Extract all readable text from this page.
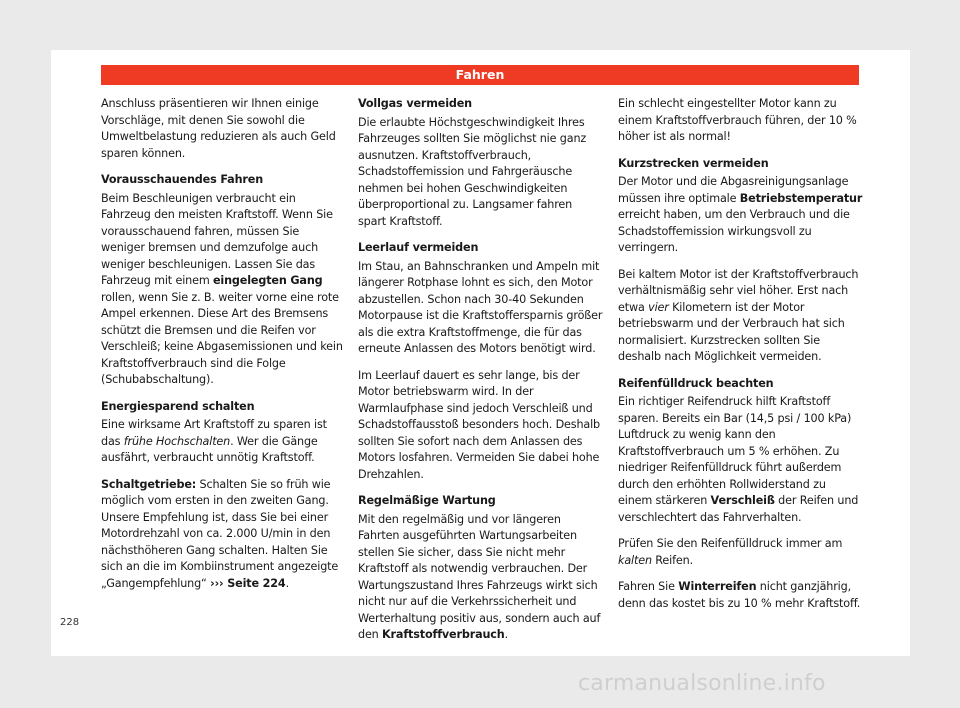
Fahren

Anschluss präsentieren wir Ihnen einige Vorschläge, mit denen Sie sowohl die Umweltbelastung reduzieren als auch Geld sparen können.

Vorausschauendes Fahren

Beim Beschleunigen verbraucht ein Fahrzeug den meisten Kraftstoff. Wenn Sie vorausschauend fahren, müssen Sie weniger bremsen und demzufolge auch weniger beschleunigen. Lassen Sie das Fahrzeug mit einem eingelegten Gang rollen, wenn Sie z. B. weiter vorne eine rote Ampel erkennen. Diese Art des Bremsens schützt die Bremsen und die Reifen vor Verschleiß; keine Abgasemissionen und kein Kraftstoffverbrauch sind die Folge (Schubabschaltung).

Energiesparend schalten

Eine wirksame Art Kraftstoff zu sparen ist das frühe Hochschalten. Wer die Gänge ausfährt, verbraucht unnötig Kraftstoff.

Schaltgetriebe: Schalten Sie so früh wie möglich vom ersten in den zweiten Gang. Unsere Empfehlung ist, dass Sie bei einer Motordrehzahl von ca. 2.000 U/min in den nächsthöheren Gang schalten. Halten Sie sich an die im Kombiinstrument angezeigte „Gangempfehlung“ ››› Seite 224.

Vollgas vermeiden

Die erlaubte Höchstgeschwindigkeit Ihres Fahrzeuges sollten Sie möglichst nie ganz ausnutzen. Kraftstoffverbrauch, Schadstoffemission und Fahrgeräusche nehmen bei hohen Geschwindigkeiten überproportional zu. Langsamer fahren spart Kraftstoff.

Leerlauf vermeiden

Im Stau, an Bahnschranken und Ampeln mit längerer Rotphase lohnt es sich, den Motor abzustellen. Schon nach 30-40 Sekunden Motorpause ist die Kraftstoffersparnis größer als die extra Kraftstoffmenge, die für das erneute Anlassen des Motors benötigt wird.

Im Leerlauf dauert es sehr lange, bis der Motor betriebswarm wird. In der Warmlaufphase sind jedoch Verschleiß und Schadstoffausstoß besonders hoch. Deshalb sollten Sie sofort nach dem Anlassen des Motors losfahren. Vermeiden Sie dabei hohe Drehzahlen.

Regelmäßige Wartung

Mit den regelmäßig und vor längeren Fahrten ausgeführten Wartungsarbeiten stellen Sie sicher, dass Sie nicht mehr Kraftstoff als notwendig verbrauchen. Der Wartungszustand Ihres Fahrzeugs wirkt sich nicht nur auf die Verkehrssicherheit und Werterhaltung positiv aus, sondern auch auf den Kraftstoffverbrauch.

Ein schlecht eingestellter Motor kann zu einem Kraftstoffverbrauch führen, der 10 % höher ist als normal!

Kurzstrecken vermeiden

Der Motor und die Abgasreinigungsanlage müssen ihre optimale Betriebstemperatur erreicht haben, um den Verbrauch und die Schadstoffemission wirkungsvoll zu verringern.

Bei kaltem Motor ist der Kraftstoffverbrauch verhältnismäßig sehr viel höher. Erst nach etwa vier Kilometern ist der Motor betriebswarm und der Verbrauch hat sich normalisiert. Kurzstrecken sollten Sie deshalb nach Möglichkeit vermeiden.

Reifenfülldruck beachten

Ein richtiger Reifendruck hilft Kraftstoff sparen. Bereits ein Bar (14,5 psi / 100 kPa) Luftdruck zu wenig kann den Kraftstoffverbrauch um 5 % erhöhen. Zu niedriger Reifenfülldruck führt außerdem durch den erhöhten Rollwiderstand zu einem stärkeren Verschleiß der Reifen und verschlechtert das Fahrverhalten.

Prüfen Sie den Reifenfülldruck immer am kalten Reifen.

Fahren Sie Winterreifen nicht ganzjährig, denn das kostet bis zu 10 % mehr Kraftstoff.

228
carmanualsonline.info
